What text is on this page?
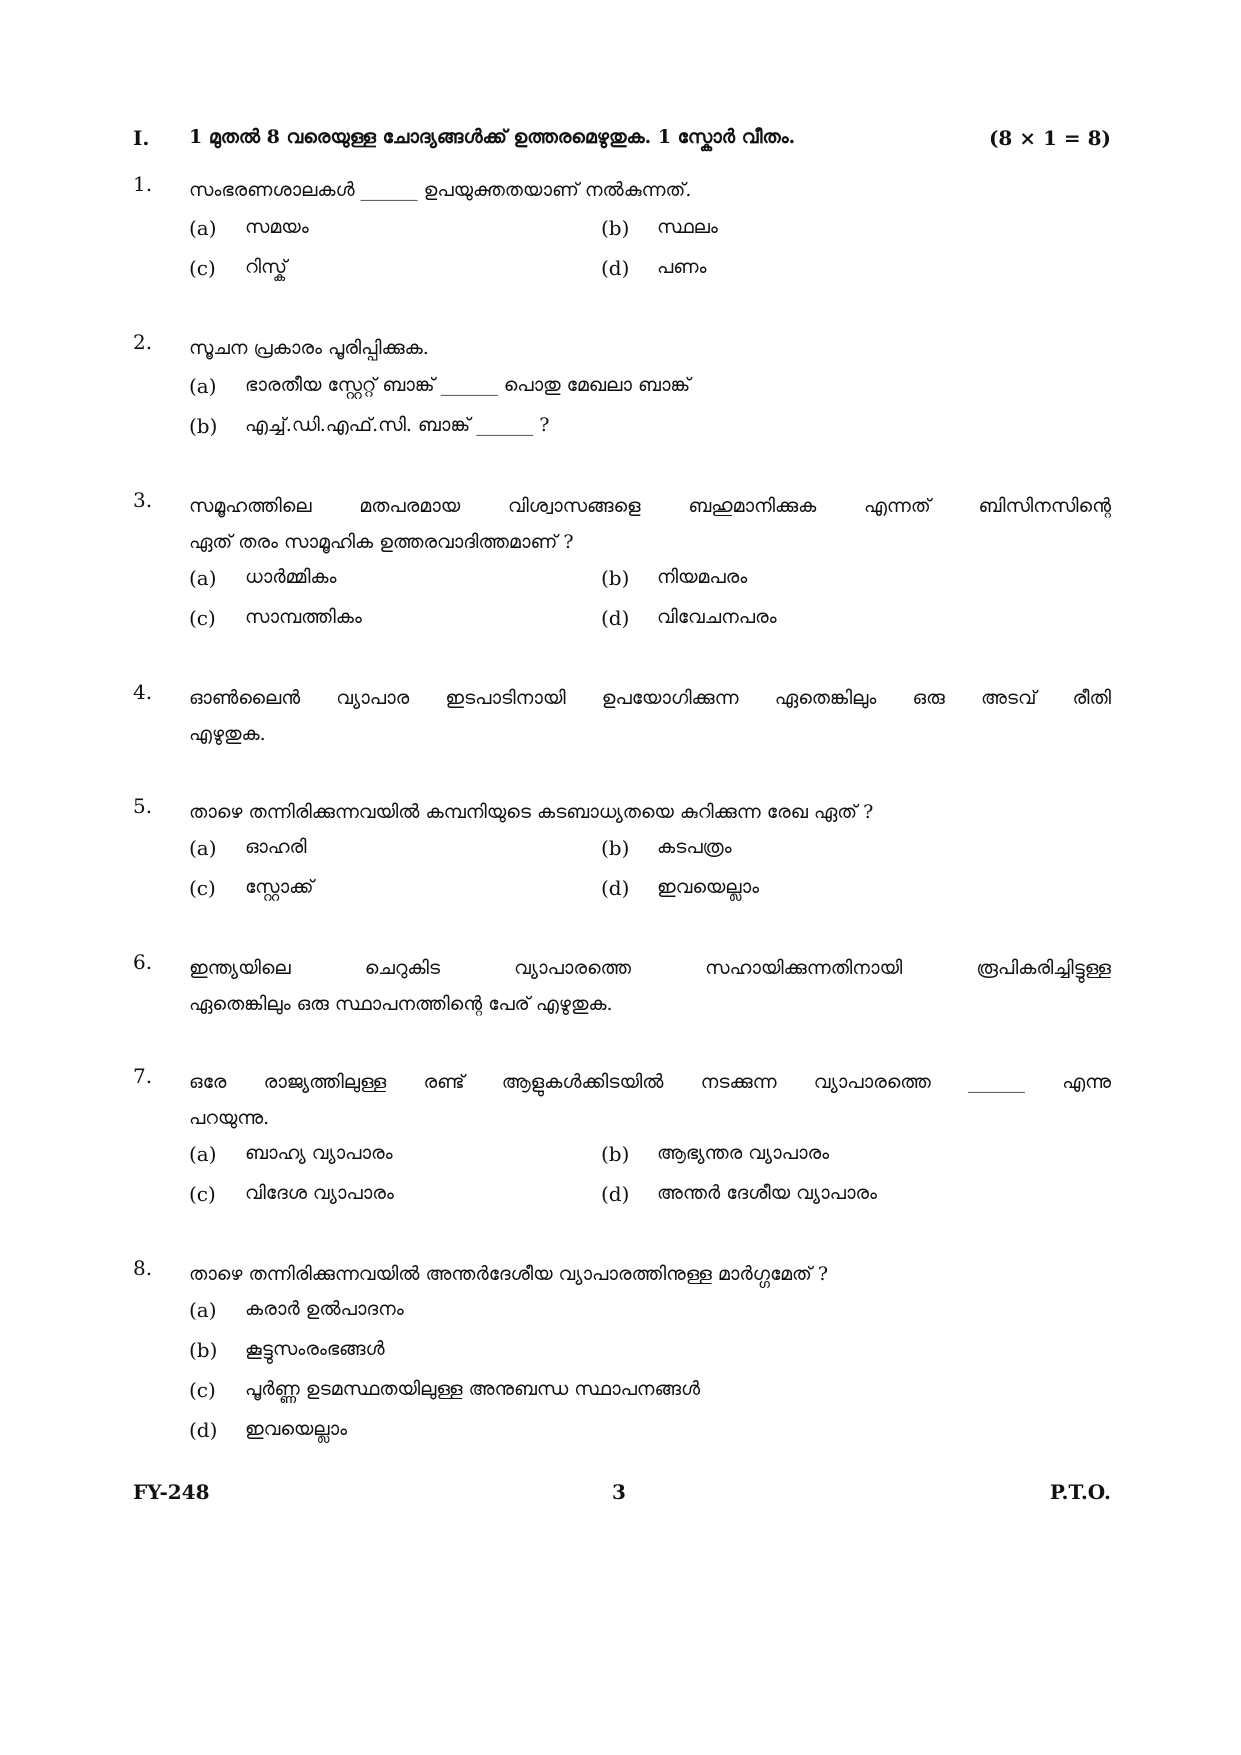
I. 1 മുതൽ 8 വരെയുള്ള ചോദ്യങ്ങൾക്ക് ഉത്തരമെഴുതുക. 1 സ്കോർ വീതം.	(8 × 1 = 8)
1. സംഭരണശാലകൾ ______ ഉപയുക്തതയാണ് നൽകുന്നത്.
(a) സമയം	(b) സ്ഥലം
(c) റിസ്ക്	(d) പണം
2. സൂചന പ്രകാരം പൂരിപ്പിക്കുക.
(a) ഭാരതീയ സ്റ്റേറ്റ് ബാങ്ക് ______ പൊതു മേഖലാ ബാങ്ക്
(b) എച്ച്.ഡി.എഫ്.സി. ബാങ്ക് ______ ?
3. സമൂഹത്തിലെ മതപരമായ വിശ്വാസങ്ങളെ ബഹുമാനിക്കുക എന്നത് ബിസിനസിന്റെ
ഏത് തരം സാമൂഹിക ഉത്തരവാദിത്തമാണ് ?
(a) ധാർമ്മികം	(b) നിയമപരം
(c) സാമ്പത്തികം	(d) വിവേചനപരം
4. ഓൺലൈൻ വ്യാപാര ഇടപാടിനായി ഉപയോഗിക്കുന്ന ഏതെങ്കിലും ഒരു അടവ് രീതി
എഴുതുക.
5. താഴെ തന്നിരിക്കുന്നവയിൽ കമ്പനിയുടെ കടബാധ്യതയെ കുറിക്കുന്ന രേഖ ഏത് ?
(a) ഓഹരി	(b) കടപത്രം
(c) സ്റ്റോക്ക്	(d) ഇവയെല്ലാം
6. ഇന്ത്യയിലെ ചെറുകിട വ്യാപാരത്തെ സഹായിക്കുന്നതിനായി രൂപികരിച്ചിട്ടുള്ള
ഏതെങ്കിലും ഒരു സ്ഥാപനത്തിന്റെ പേര് എഴുതുക.
7. ഒരേ രാജ്യത്തിലുള്ള രണ്ട് ആളുകൾക്കിടയിൽ നടക്കുന്ന വ്യാപാരത്തെ ______ എന്നു
പറയുന്നു.
(a) ബാഹ്യ വ്യാപാരം	(b) ആഭ്യന്തര വ്യാപാരം
(c) വിദേശ വ്യാപാരം	(d) അന്തർ ദേശീയ വ്യാപാരം
8. താഴെ തന്നിരിക്കുന്നവയിൽ അന്തർദേശീയ വ്യാപാരത്തിനുള്ള മാർഗ്ഗമേത് ?
(a) കരാർ ഉൽപാദനം
(b) കൂട്ടുസംരംഭങ്ങൾ
(c) പൂർണ്ണ ഉടമസ്ഥതയിലുള്ള അനുബന്ധ സ്ഥാപനങ്ങൾ
(d) ഇവയെല്ലാം
FY-248	3	P.T.O.
